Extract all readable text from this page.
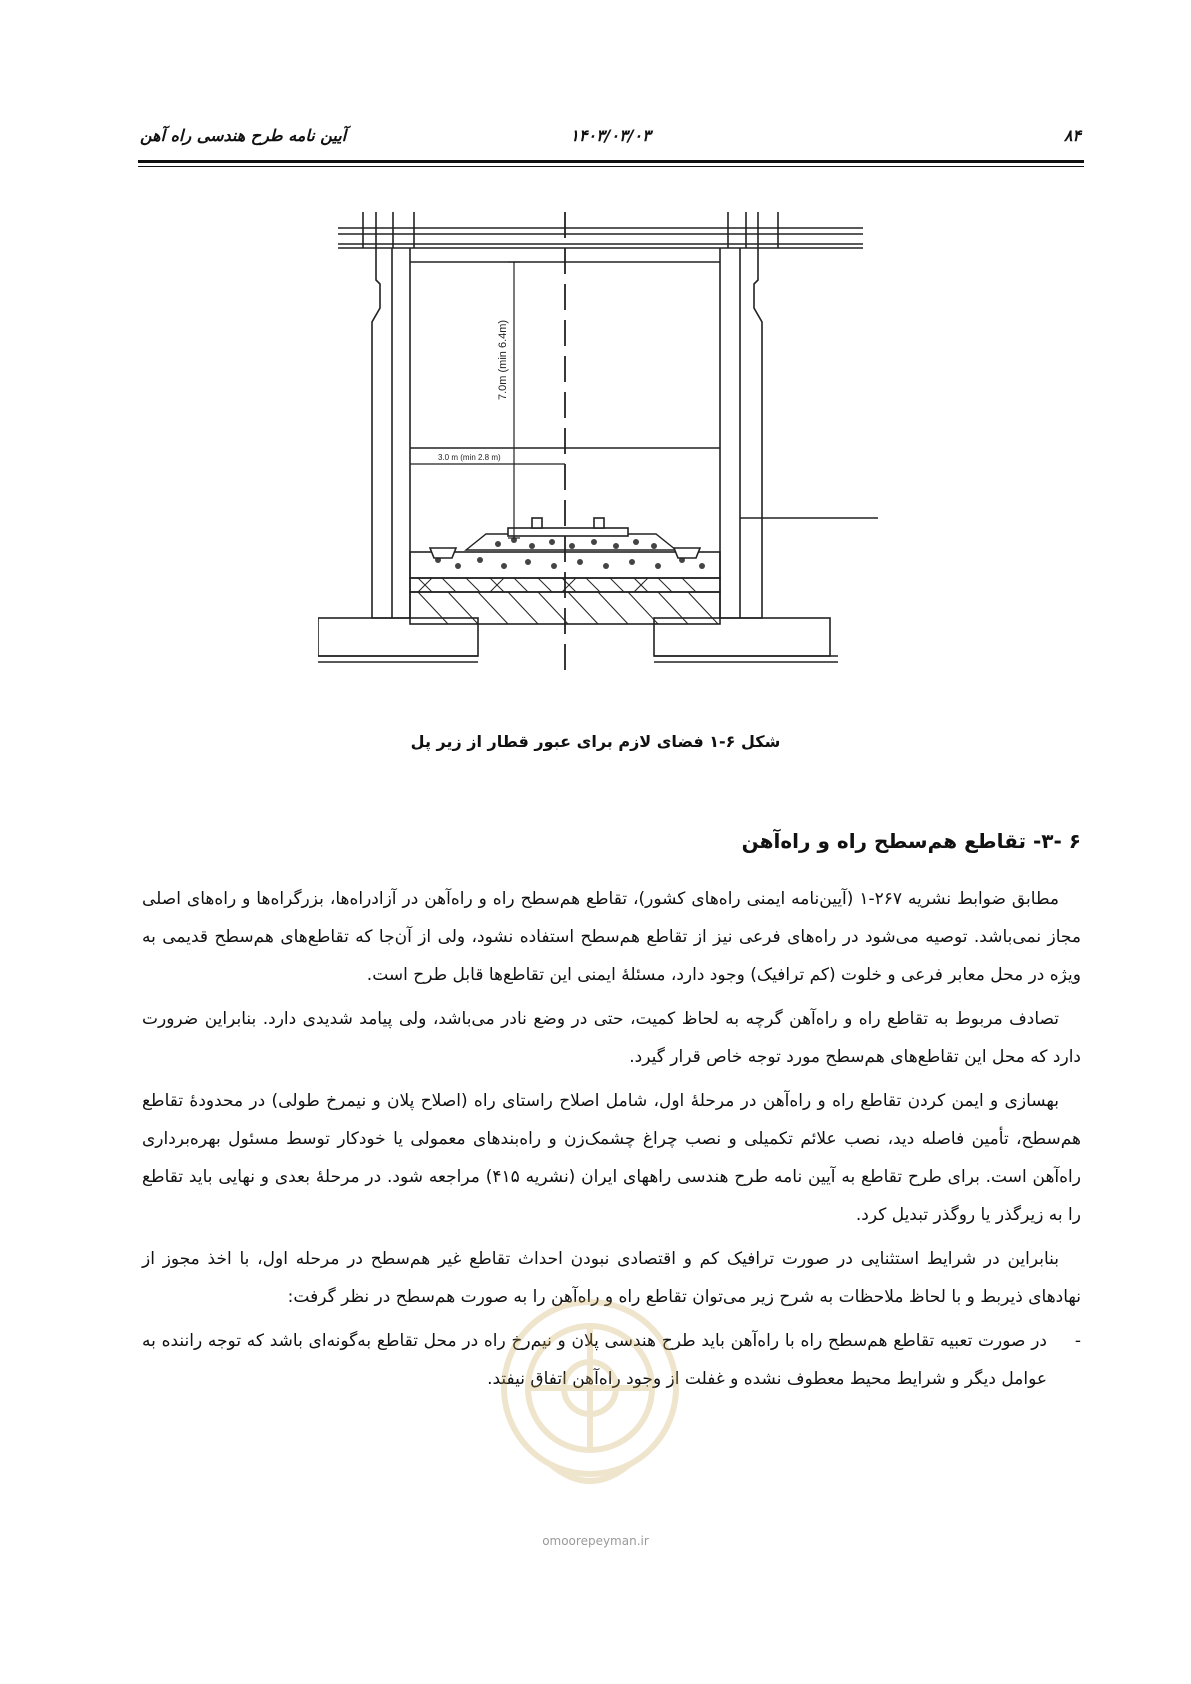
۸۴
۱۴۰۳/۰۳/۰۳
آیین نامه طرح هندسی راه آهن
7.0m (min 6.4m)
3.0 m (min 2.8 m)
شکل ۶-۱ فضای لازم برای عبور قطار از زیر پل
۶ -۳- تقاطع هم‌سطح راه و راه‌آهن

مطابق ضوابط نشریه ۲۶۷-۱ (آیین‌نامه ایمنی راه‌های کشور)، تقاطع هم‌سطح راه و راه‌آهن در آزادراه‌ها، بزرگراه‌ها و راه‌های اصلی مجاز نمی‌باشد. توصیه می‌شود در راه‌های فرعی نیز از تقاطع هم‌سطح استفاده نشود، ولی از آن‌جا که تقاطع‌های هم‌سطح قدیمی به ویژه در محل معابر فرعی و خلوت (کم ترافیک) وجود دارد، مسئلهٔ ایمنی این تقاطع‌ها قابل طرح است.

تصادف مربوط به تقاطع راه و راه‌آهن گرچه به لحاظ کمیت، حتی در وضع نادر می‌باشد، ولی پیامد شدیدی دارد. بنابراین ضرورت دارد که محل این تقاطع‌های هم‌سطح مورد توجه خاص قرار گیرد.

بهسازی و ایمن کردن تقاطع راه و راه‌آهن در مرحلهٔ اول، شامل اصلاح راستای راه (اصلاح پلان و نیمرخ طولی) در محدودهٔ تقاطع هم‌سطح، تأمین فاصله دید، نصب علائم تکمیلی و نصب چراغ چشمک‌زن و راه‌بندهای معمولی یا خودکار توسط مسئول بهره‌برداری راه‌آهن است. برای طرح تقاطع به آیین نامه طرح هندسی راههای ایران (نشریه ۴۱۵) مراجعه شود. در مرحلهٔ بعدی و نهایی باید تقاطع را به زیرگذر یا روگذر تبدیل کرد.

بنابراین در شرایط استثنایی در صورت ترافیک کم و اقتصادی نبودن احداث تقاطع غیر هم‌سطح در مرحله اول، با اخذ مجوز از نهادهای ذیربط و با لحاظ ملاحظات به شرح زیر می‌توان تقاطع راه و راه‌آهن را به صورت هم‌سطح در نظر گرفت:

-
در صورت تعبیه تقاطع هم‌سطح راه با راه‌آهن باید طرح هندسی پلان و نیم‌رخ راه در محل تقاطع به‌گونه‌ای باشد که توجه راننده به عوامل دیگر و شرایط محیط معطوف نشده و غفلت از وجود راه‌آهن اتفاق نیفتد.

omoorepeyman.ir
